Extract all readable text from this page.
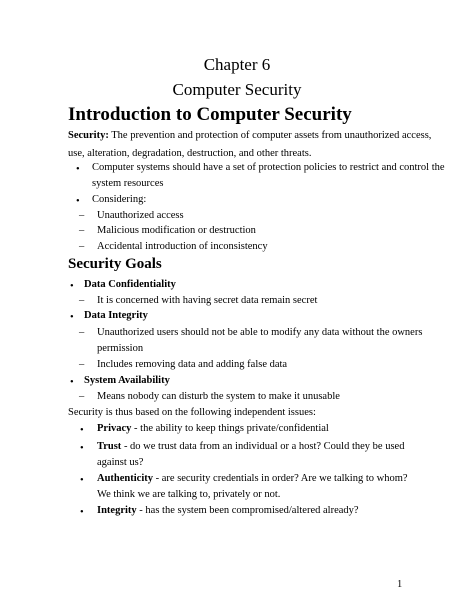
Chapter 6
Computer Security
Introduction to Computer Security
Security: The prevention and protection of computer assets from unauthorized access,
use, alteration, degradation, destruction, and other threats.
• Computer systems should have a set of protection policies to restrict and control the
system resources
• Considering:
– Unauthorized access
– Malicious modification or destruction
– Accidental introduction of inconsistency
Security Goals
• Data Confidentiality
– It is concerned with having secret data remain secret
• Data Integrity
– Unauthorized users should not be able to modify any data without the owners
permission
– Includes removing data and adding false data
• System Availability
– Means nobody can disturb the system to make it unusable
Security is thus based on the following independent issues:
• Privacy - the ability to keep things private/confidential
• Trust - do we trust data from an individual or a host? Could they be used
against us?
• Authenticity - are security credentials in order? Are we talking to whom?
We think we are talking to, privately or not.
• Integrity - has the system been compromised/altered already?
1
